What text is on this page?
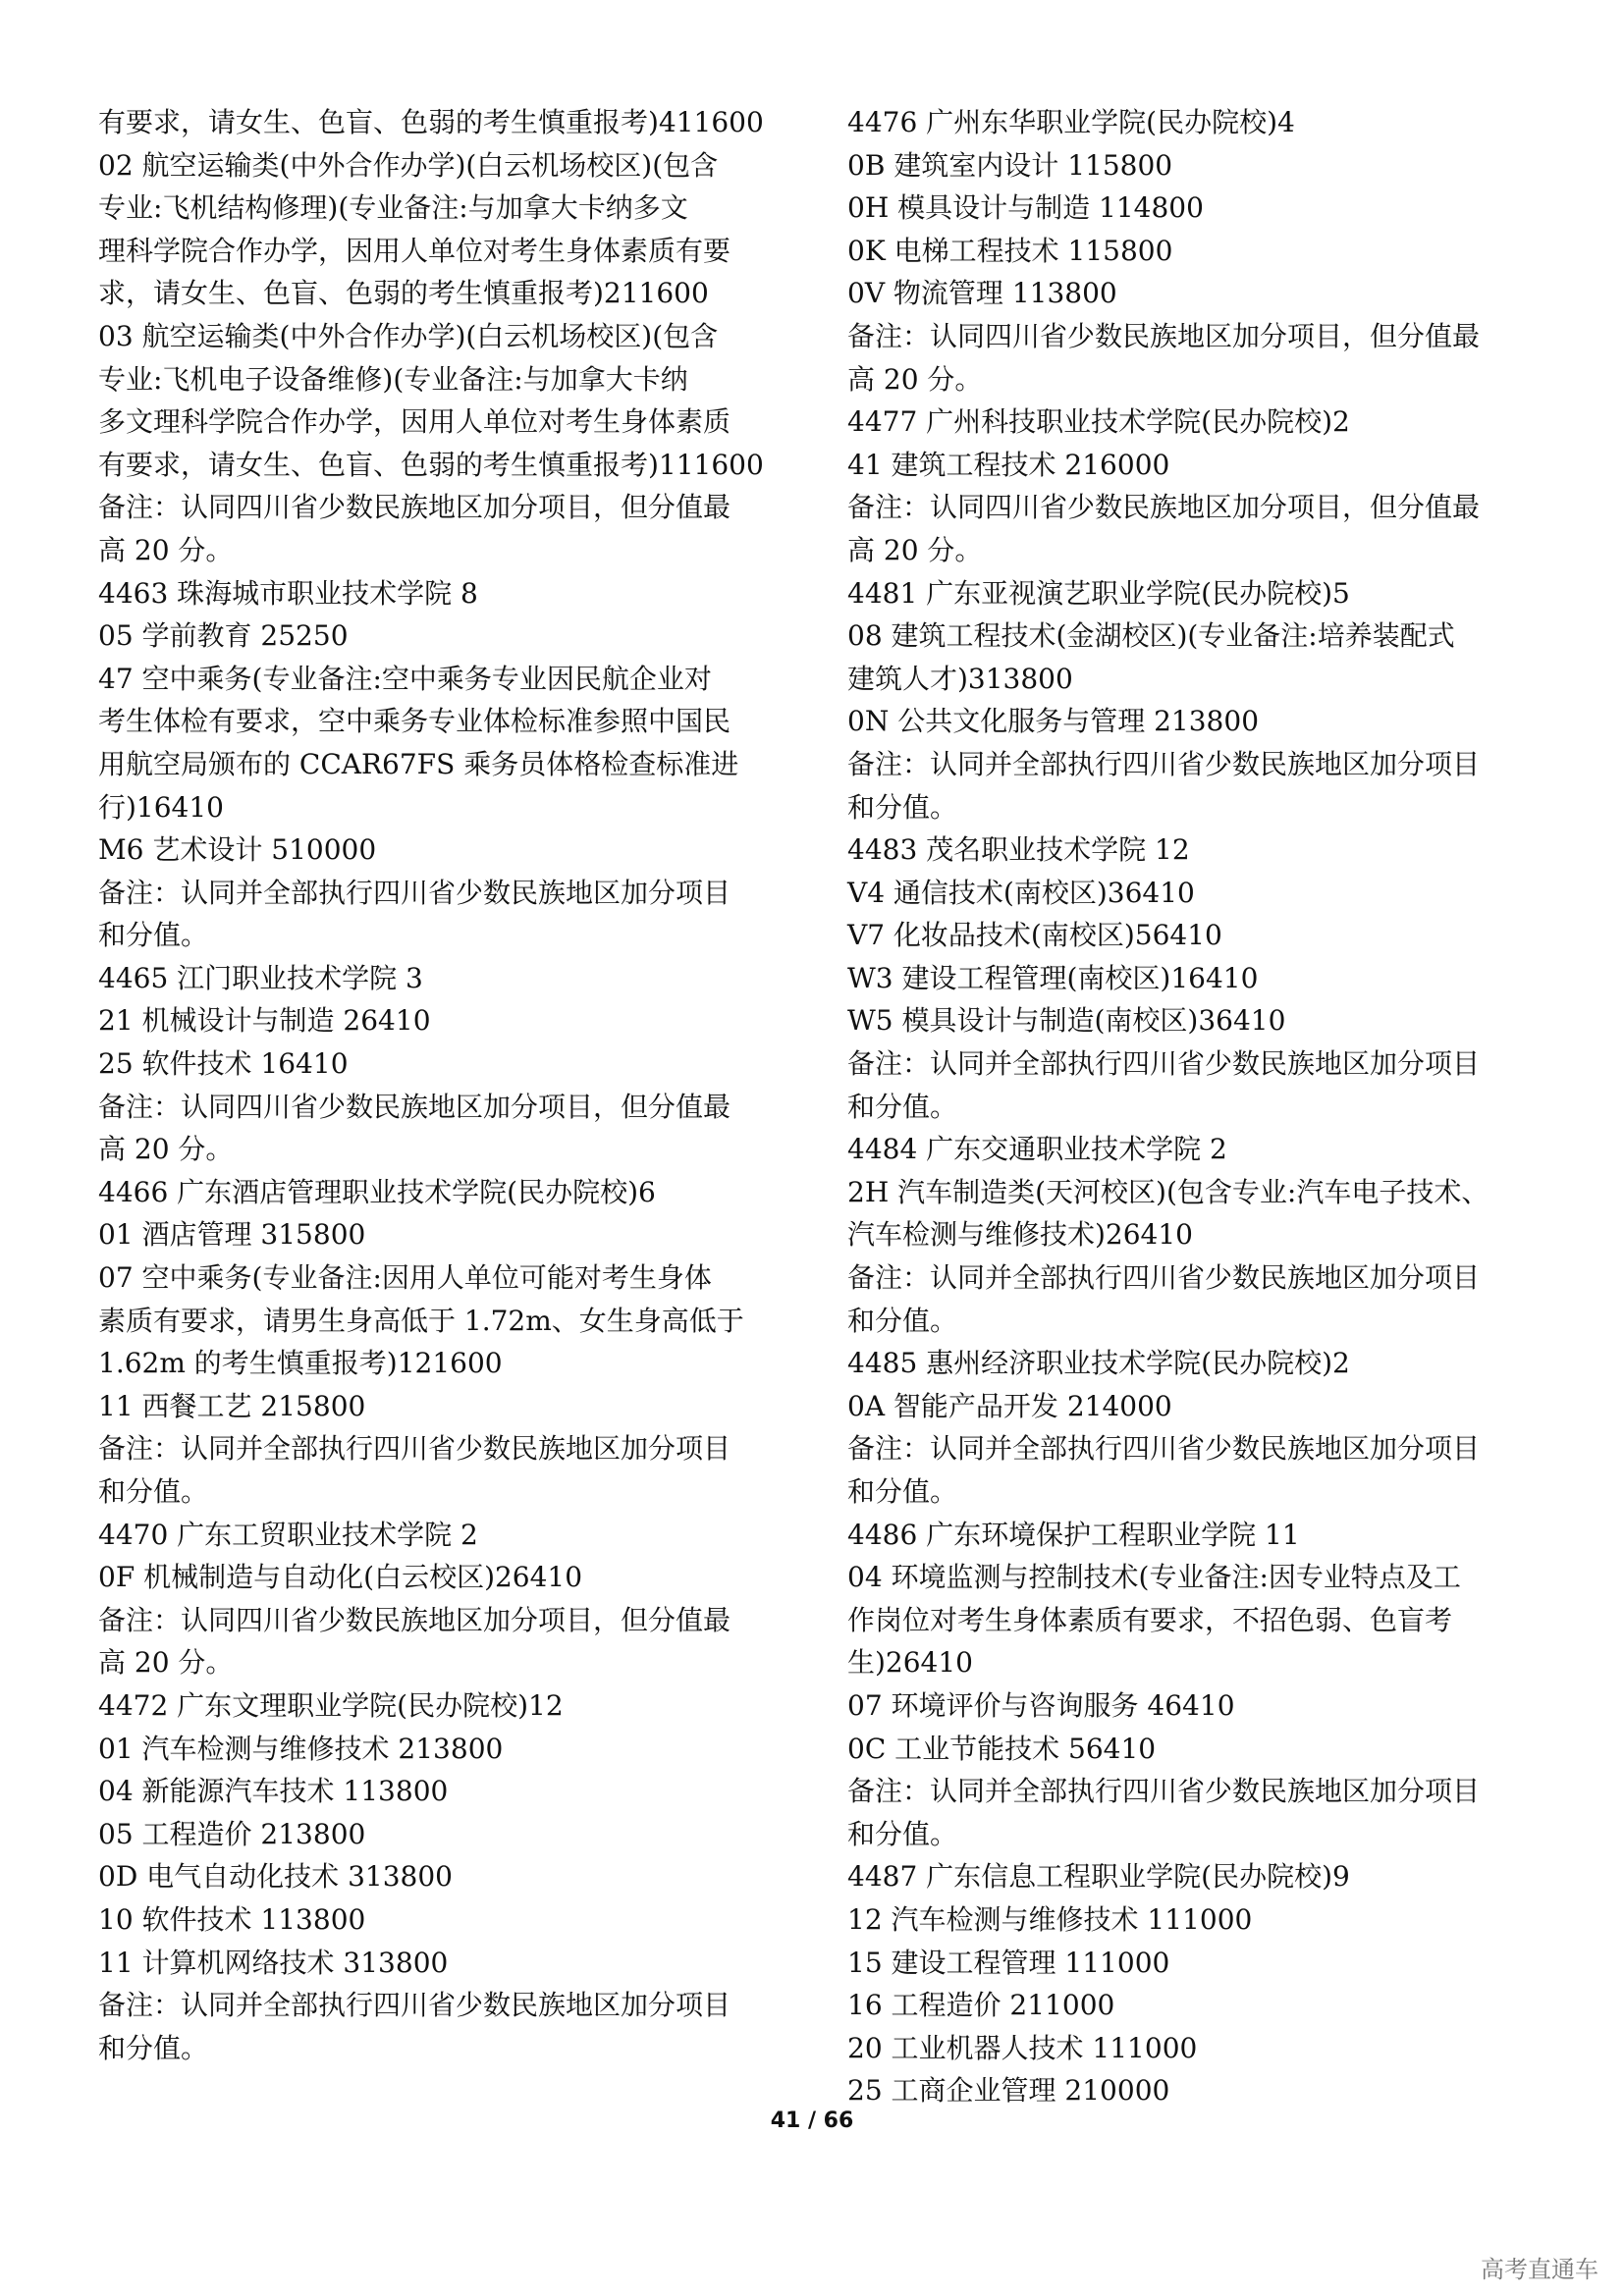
有要求，请女生、色盲、色弱的考生慎重报考)411600
02 航空运输类(中外合作办学)(白云机场校区)(包含
专业:飞机结构修理)(专业备注:与加拿大卡纳多文
理科学院合作办学，因用人单位对考生身体素质有要
求，请女生、色盲、色弱的考生慎重报考)211600
03 航空运输类(中外合作办学)(白云机场校区)(包含
专业:飞机电子设备维修)(专业备注:与加拿大卡纳
多文理科学院合作办学，因用人单位对考生身体素质
有要求，请女生、色盲、色弱的考生慎重报考)111600
备注：认同四川省少数民族地区加分项目，但分值最
高 20 分。
4463 珠海城市职业技术学院 8
05 学前教育 25250
47 空中乘务(专业备注:空中乘务专业因民航企业对
考生体检有要求，空中乘务专业体检标准参照中国民
用航空局颁布的 CCAR67FS 乘务员体格检查标准进
行)16410
M6 艺术设计 510000
备注：认同并全部执行四川省少数民族地区加分项目
和分值。
4465 江门职业技术学院 3
21 机械设计与制造 26410
25 软件技术 16410
备注：认同四川省少数民族地区加分项目，但分值最
高 20 分。
4466 广东酒店管理职业技术学院(民办院校)6
01 酒店管理 315800
07 空中乘务(专业备注:因用人单位可能对考生身体
素质有要求，请男生身高低于 1.72m、女生身高低于
1.62m 的考生慎重报考)121600
11 西餐工艺 215800
备注：认同并全部执行四川省少数民族地区加分项目
和分值。
4470 广东工贸职业技术学院 2
0F 机械制造与自动化(白云校区)26410
备注：认同四川省少数民族地区加分项目，但分值最
高 20 分。
4472 广东文理职业学院(民办院校)12
01 汽车检测与维修技术 213800
04 新能源汽车技术 113800
05 工程造价 213800
0D 电气自动化技术 313800
10 软件技术 113800
11 计算机网络技术 313800
备注：认同并全部执行四川省少数民族地区加分项目
和分值。
4476 广州东华职业学院(民办院校)4
0B 建筑室内设计 115800
0H 模具设计与制造 114800
0K 电梯工程技术 115800
0V 物流管理 113800
备注：认同四川省少数民族地区加分项目，但分值最
高 20 分。
4477 广州科技职业技术学院(民办院校)2
41 建筑工程技术 216000
备注：认同四川省少数民族地区加分项目，但分值最
高 20 分。
4481 广东亚视演艺职业学院(民办院校)5
08 建筑工程技术(金湖校区)(专业备注:培养装配式
建筑人才)313800
0N 公共文化服务与管理 213800
备注：认同并全部执行四川省少数民族地区加分项目
和分值。
4483 茂名职业技术学院 12
V4 通信技术(南校区)36410
V7 化妆品技术(南校区)56410
W3 建设工程管理(南校区)16410
W5 模具设计与制造(南校区)36410
备注：认同并全部执行四川省少数民族地区加分项目
和分值。
4484 广东交通职业技术学院 2
2H 汽车制造类(天河校区)(包含专业:汽车电子技术、
汽车检测与维修技术)26410
备注：认同并全部执行四川省少数民族地区加分项目
和分值。
4485 惠州经济职业技术学院(民办院校)2
0A 智能产品开发 214000
备注：认同并全部执行四川省少数民族地区加分项目
和分值。
4486 广东环境保护工程职业学院 11
04 环境监测与控制技术(专业备注:因专业特点及工
作岗位对考生身体素质有要求，不招色弱、色盲考
生)26410
07 环境评价与咨询服务 46410
0C 工业节能技术 56410
备注：认同并全部执行四川省少数民族地区加分项目
和分值。
4487 广东信息工程职业学院(民办院校)9
12 汽车检测与维修技术 111000
15 建设工程管理 111000
16 工程造价 211000
20 工业机器人技术 111000
25 工商企业管理 210000
41 / 66
高考直通车
